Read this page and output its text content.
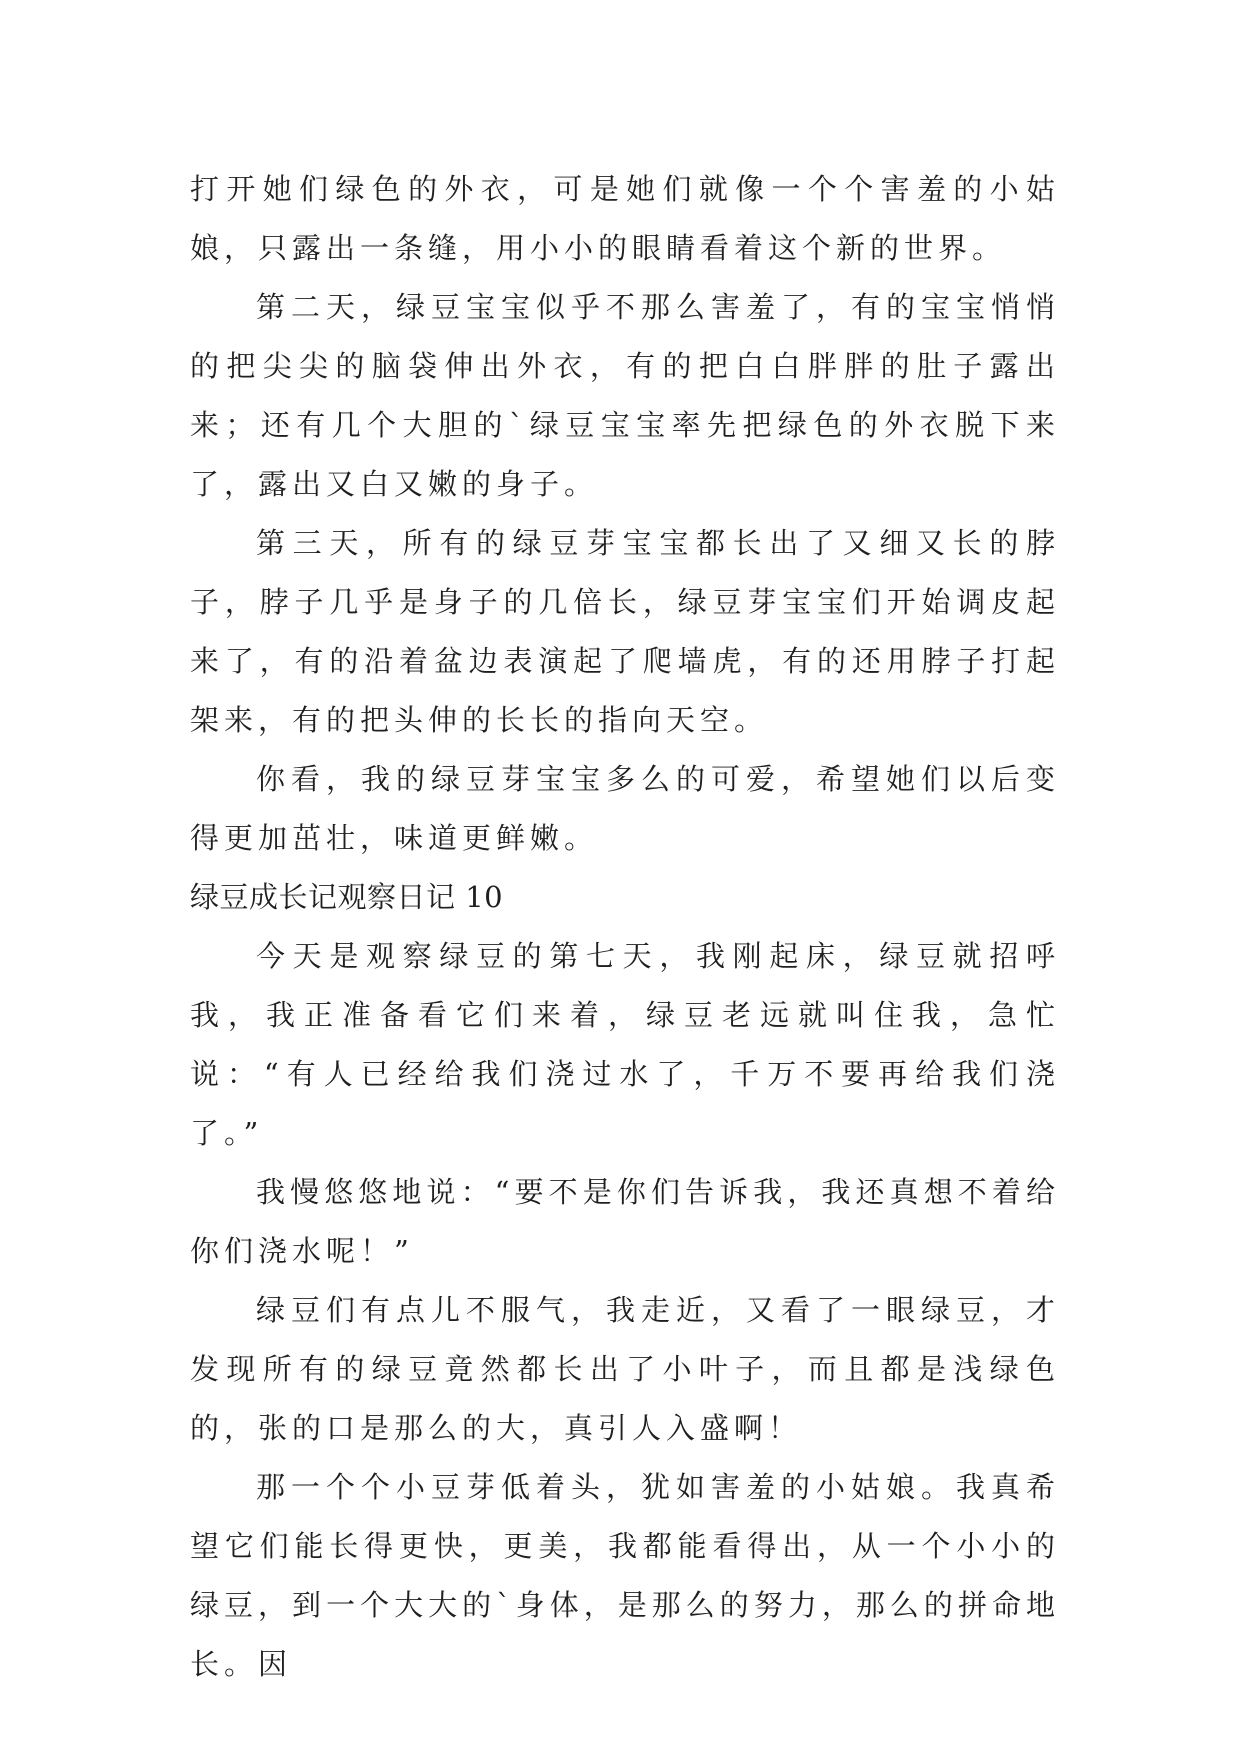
打开她们绿色的外衣，可是她们就像一个个害羞的小姑娘，只露出一条缝，用小小的眼睛看着这个新的世界。

第二天，绿豆宝宝似乎不那么害羞了，有的宝宝悄悄的把尖尖的脑袋伸出外衣，有的把白白胖胖的肚子露出来；还有几个大胆的`绿豆宝宝率先把绿色的外衣脱下来了，露出又白又嫩的身子。

第三天，所有的绿豆芽宝宝都长出了又细又长的脖子，脖子几乎是身子的几倍长，绿豆芽宝宝们开始调皮起来了，有的沿着盆边表演起了爬墙虎，有的还用脖子打起架来，有的把头伸的长长的指向天空。

你看，我的绿豆芽宝宝多么的可爱，希望她们以后变得更加茁壮，味道更鲜嫩。

绿豆成长记观察日记 10

今天是观察绿豆的第七天，我刚起床，绿豆就招呼我，我正准备看它们来着，绿豆老远就叫住我，急忙说：“有人已经给我们浇过水了，千万不要再给我们浇了。”

我慢悠悠地说：“要不是你们告诉我，我还真想不着给你们浇水呢！”

绿豆们有点儿不服气，我走近，又看了一眼绿豆，才发现所有的绿豆竟然都长出了小叶子，而且都是浅绿色的，张的口是那么的大，真引人入盛啊！

那一个个小豆芽低着头，犹如害羞的小姑娘。我真希望它们能长得更快，更美，我都能看得出，从一个小小的绿豆，到一个大大的`身体，是那么的努力，那么的拼命地长。因
